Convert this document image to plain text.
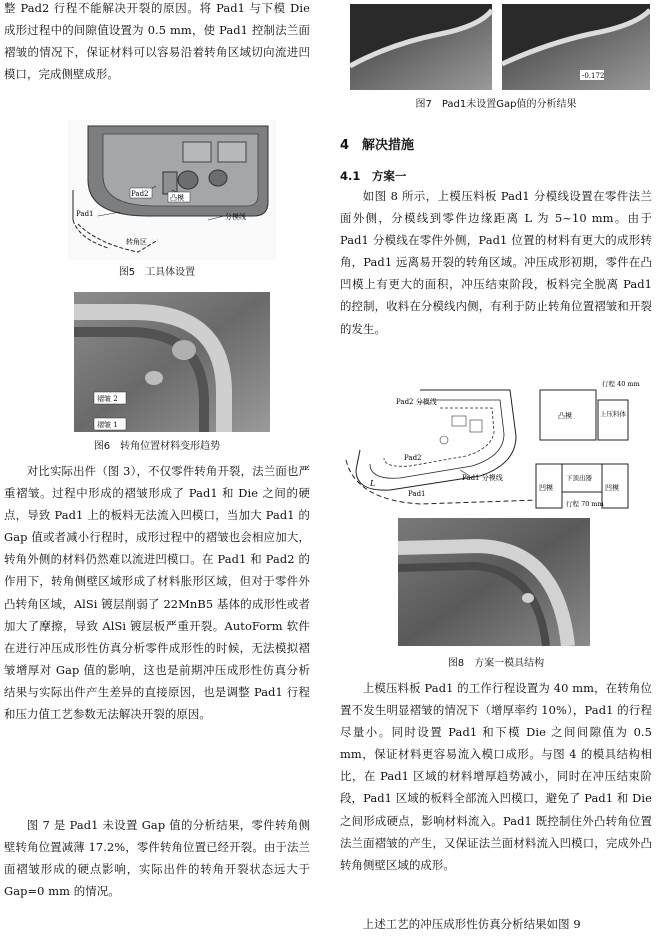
整 Pad2 行程不能解决开裂的原因。将 Pad1 与下模 Die 成形过程中的间隙值设置为 0.5 mm，使 Pad1 控制法兰面褶皱的情况下，保证材料可以容易沿着转角区域切向流进凹模口，完成侧壁成形。

Pad2	凸模
Pad1	分模线
转角区
图5　工具体设置
褶皱 2
褶皱 1
图6　转角位置材料变形趋势

对比实际出件（图 3），不仅零件转角开裂，法兰面也严重褶皱。过程中形成的褶皱形成了 Pad1 和 Die 之间的硬点，导致 Pad1 上的板料无法流入凹模口，当加大 Pad1 的 Gap 值或者减小行程时，成形过程中的褶皱也会相应加大，转角外侧的材料仍然难以流进凹模口。在 Pad1 和 Pad2 的作用下，转角侧壁区域形成了材料胀形区域，但对于零件外凸转角区域，AlSi 镀层削弱了 22MnB5 基体的成形性或者加大了摩擦，导致 AlSi 镀层板严重开裂。AutoForm 软件在进行冲压成形性仿真分析零件成形性的时候，无法模拟褶皱增厚对 Gap 值的影响，这也是前期冲压成形性仿真分析结果与实际出件产生差异的直接原因，也是调整 Pad1 行程和压力值工艺参数无法解决开裂的原因。

图 7 是 Pad1 未设置 Gap 值的分析结果，零件转角侧壁转角位置减薄 17.2%，零件转角位置已经开裂。由于法兰面褶皱形成的硬点影响，实际出件的转角开裂状态远大于 Gap=0 mm 的情况。

-0.172
图7　Pad1未设置Gap值的分析结果
4　解决措施
4.1　方案一

如图 8 所示，上模压料板 Pad1 分模线设置在零件法兰面外侧，分模线到零件边缘距离 L 为 5~10 mm。由于 Pad1 分模线在零件外侧，Pad1 位置的材料有更大的成形转角，Pad1 远离易开裂的转角区域。冲压成形初期，零件在凸凹模上有更大的面积，冲压结束阶段，板料完全脱离 Pad1 的控制，收料在分模线内侧，有利于防止转角位置褶皱和开裂的发生。

Pad2 分模线
Pad2
Pad1 分模线
Pad1
L
行程 40 mm
凸模	上压料体
下顶出器
凹模	凹模
行程 70 mm
图8　方案一模具结构

上模压料板 Pad1 的工作行程设置为 40 mm，在转角位置不发生明显褶皱的情况下（增厚率约 10%），Pad1 的行程尽量小。同时设置 Pad1 和下模 Die 之间间隙值为 0.5 mm，保证材料更容易流入模口成形。与图 4 的模具结构相比，在 Pad1 区域的材料增厚趋势减小，同时在冲压结束阶段，Pad1 区域的板料全部流入凹模口，避免了 Pad1 和 Die 之间形成硬点，影响材料流入。Pad1 既控制住外凸转角位置法兰面褶皱的产生，又保证法兰面材料流入凹模口，完成外凸转角侧壁区域的成形。

上述工艺的冲压成形性仿真分析结果如图 9
